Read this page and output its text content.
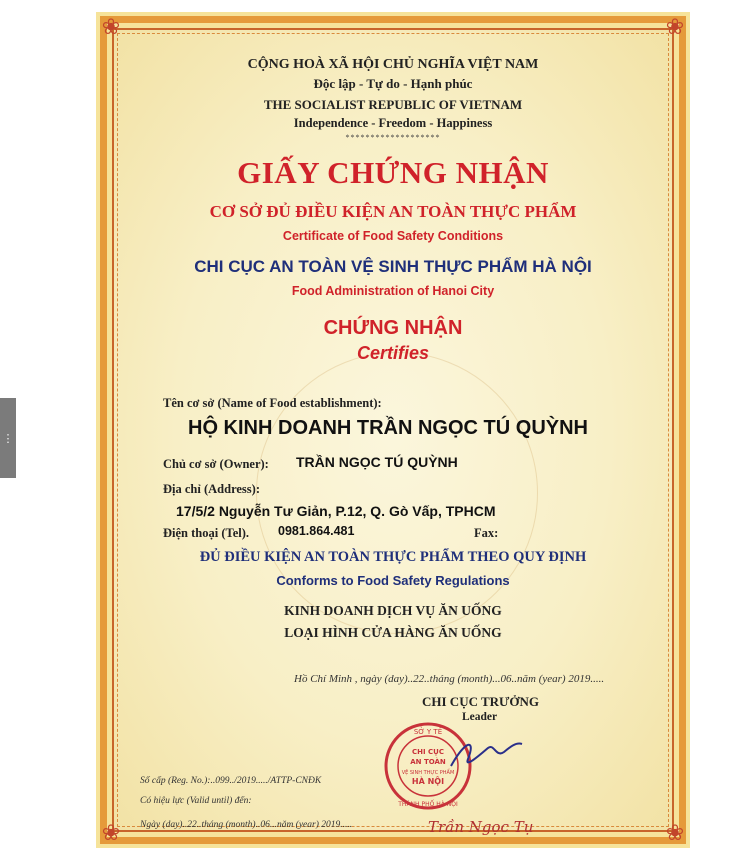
⋮
❀	❀
❀	❀
CỘNG HOÀ XÃ HỘI CHỦ NGHĨA VIỆT NAM
Độc lập - Tự do - Hạnh phúc
THE SOCIALIST REPUBLIC OF VIETNAM
Independence - Freedom - Happiness
*******************
GIẤY CHỨNG NHẬN
CƠ SỞ ĐỦ ĐIỀU KIỆN AN TOÀN THỰC PHẨM
Certificate of Food Safety Conditions
CHI CỤC AN TOÀN VỆ SINH THỰC PHẨM HÀ NỘI
Food Administration of Hanoi City
CHỨNG NHẬN
Certifies
Tên cơ sở (Name of Food establishment):
HỘ KINH DOANH TRẦN NGỌC TÚ QUỲNH
Chủ cơ sở (Owner): TRẦN NGỌC TÚ QUỲNH
Địa chỉ (Address):
17/5/2 Nguyễn Tư Giản, P.12, Q. Gò Vấp, TPHCM
Điện thoại (Tel). 0981.864.481	Fax:
ĐỦ ĐIỀU KIỆN AN TOÀN THỰC PHẨM THEO QUY ĐỊNH
Conforms to Food Safety Regulations
KINH DOANH DỊCH VỤ ĂN UỐNG
LOẠI HÌNH CỬA HÀNG ĂN UỐNG
Hồ Chí Minh , ngày (day)..22..tháng (month)...06..năm (year) 2019.....
CHI CỤC TRƯỞNG
Leader
SỞ Y TẾ
THÀNH PHỐ HÀ NỘI
CHI CỤC
AN TOÀN
VỆ SINH THỰC PHẨM
HÀ NỘI
Trần Ngọc Tụ
Số cấp (Reg. No.):..099../2019...../ATTP-CNĐK
Có hiệu lực (Valid until) đến:
Ngày (day)..22..tháng (month)..06...năm (year) 2019.....
